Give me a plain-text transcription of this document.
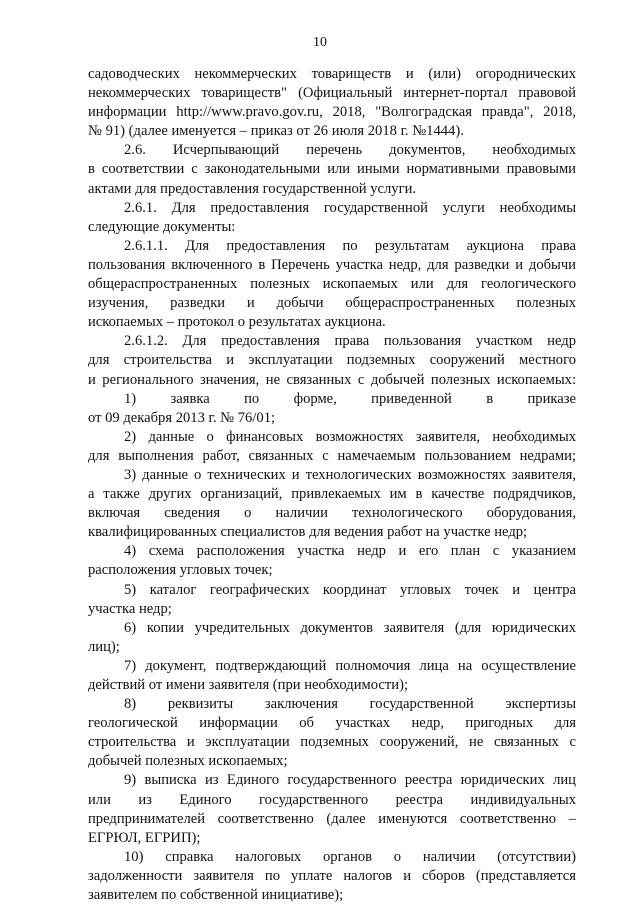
10
садоводческих некоммерческих товариществ и (или) огороднических
некоммерческих товариществ" (Официальный интернет-портал правовой
информации http://www.pravo.gov.ru, 2018, "Волгоградская правда", 2018,
№ 91) (далее именуется – приказ от 26 июля 2018 г. №1444).
2.6. Исчерпывающий перечень документов, необходимых
в соответствии с законодательными или иными нормативными правовыми
актами для предоставления государственной услуги.
2.6.1. Для предоставления государственной услуги необходимы
следующие документы:
2.6.1.1. Для предоставления по результатам аукциона права
пользования включенного в Перечень участка недр, для разведки и добычи
общераспространенных полезных ископаемых или для геологического
изучения, разведки и добычи общераспространенных полезных
ископаемых – протокол о результатах аукциона.
2.6.1.2. Для предоставления права пользования участком недр
для строительства и эксплуатации подземных сооружений местного
и регионального значения, не связанных с добычей полезных ископаемых:
1) заявка по форме, приведенной в приказе
от 09 декабря 2013 г. № 76/01;
2) данные о финансовых возможностях заявителя, необходимых
для выполнения работ, связанных с намечаемым пользованием недрами;
3) данные о технических и технологических возможностях заявителя,
а также других организаций, привлекаемых им в качестве подрядчиков,
включая сведения о наличии технологического оборудования,
квалифицированных специалистов для ведения работ на участке недр;
4) схема расположения участка недр и его план с указанием
расположения угловых точек;
5) каталог географических координат угловых точек и центра
участка недр;
6) копии учредительных документов заявителя (для юридических
лиц);
7) документ, подтверждающий полномочия лица на осуществление
действий от имени заявителя (при необходимости);
8) реквизиты заключения государственной экспертизы
геологической информации об участках недр, пригодных для
строительства и эксплуатации подземных сооружений, не связанных с
добычей полезных ископаемых;
9) выписка из Единого государственного реестра юридических лиц
или из Единого государственного реестра индивидуальных
предпринимателей соответственно (далее именуются соответственно –
ЕГРЮЛ, ЕГРИП);
10) справка налоговых органов о наличии (отсутствии)
задолженности заявителя по уплате налогов и сборов (представляется
заявителем по собственной инициативе);
